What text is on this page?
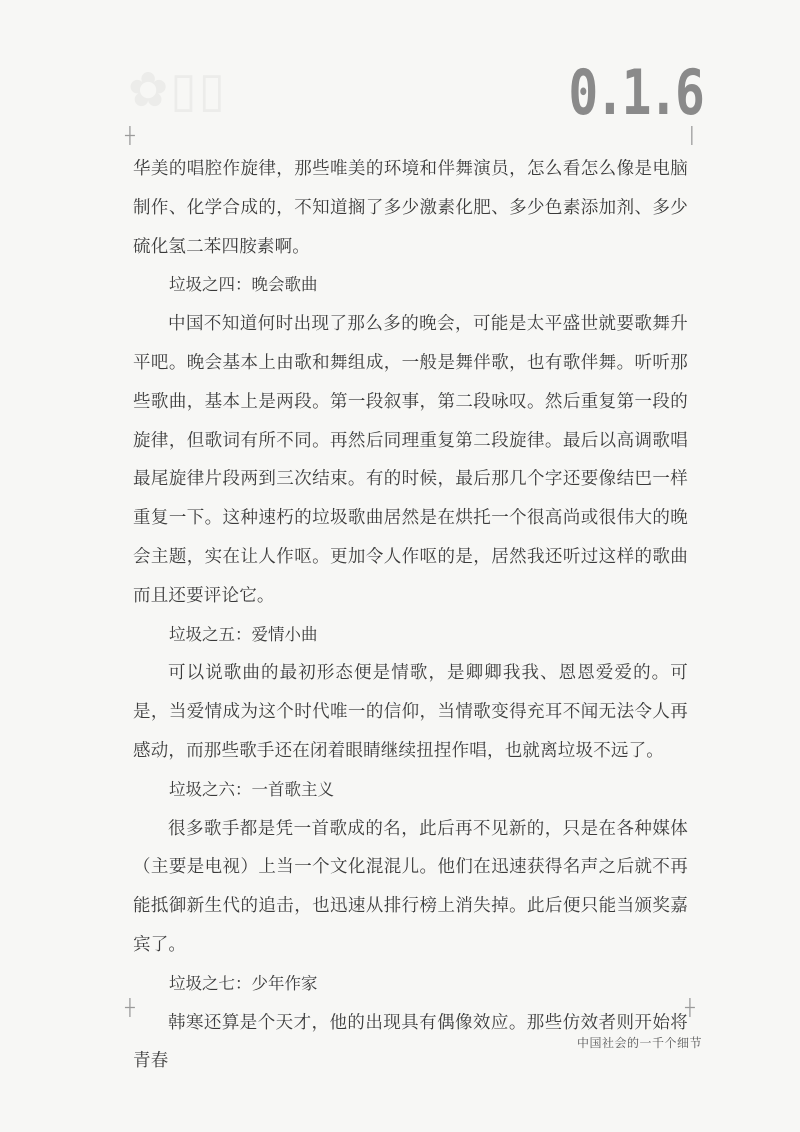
✿▯▯	0.1.6
┼	│
┼	┼

华美的唱腔作旋律，那些唯美的环境和伴舞演员，怎么看怎么像是电脑制作、化学合成的，不知道搁了多少激素化肥、多少色素添加剂、多少硫化氢二苯四胺素啊。

垃圾之四：晚会歌曲

中国不知道何时出现了那么多的晚会，可能是太平盛世就要歌舞升平吧。晚会基本上由歌和舞组成，一般是舞伴歌，也有歌伴舞。听听那些歌曲，基本上是两段。第一段叙事，第二段咏叹。然后重复第一段的旋律，但歌词有所不同。再然后同理重复第二段旋律。最后以高调歌唱最尾旋律片段两到三次结束。有的时候，最后那几个字还要像结巴一样重复一下。这种速朽的垃圾歌曲居然是在烘托一个很高尚或很伟大的晚会主题，实在让人作呕。更加令人作呕的是，居然我还听过这样的歌曲而且还要评论它。

垃圾之五：爱情小曲

可以说歌曲的最初形态便是情歌，是卿卿我我、恩恩爱爱的。可是，当爱情成为这个时代唯一的信仰，当情歌变得充耳不闻无法令人再感动，而那些歌手还在闭着眼睛继续扭捏作唱，也就离垃圾不远了。

垃圾之六：一首歌主义

很多歌手都是凭一首歌成的名，此后再不见新的，只是在各种媒体（主要是电视）上当一个文化混混儿。他们在迅速获得名声之后就不再能抵御新生代的追击，也迅速从排行榜上消失掉。此后便只能当颁奖嘉宾了。

垃圾之七：少年作家

韩寒还算是个天才，他的出现具有偶像效应。那些仿效者则开始将青春

中国社会的一千个细节
